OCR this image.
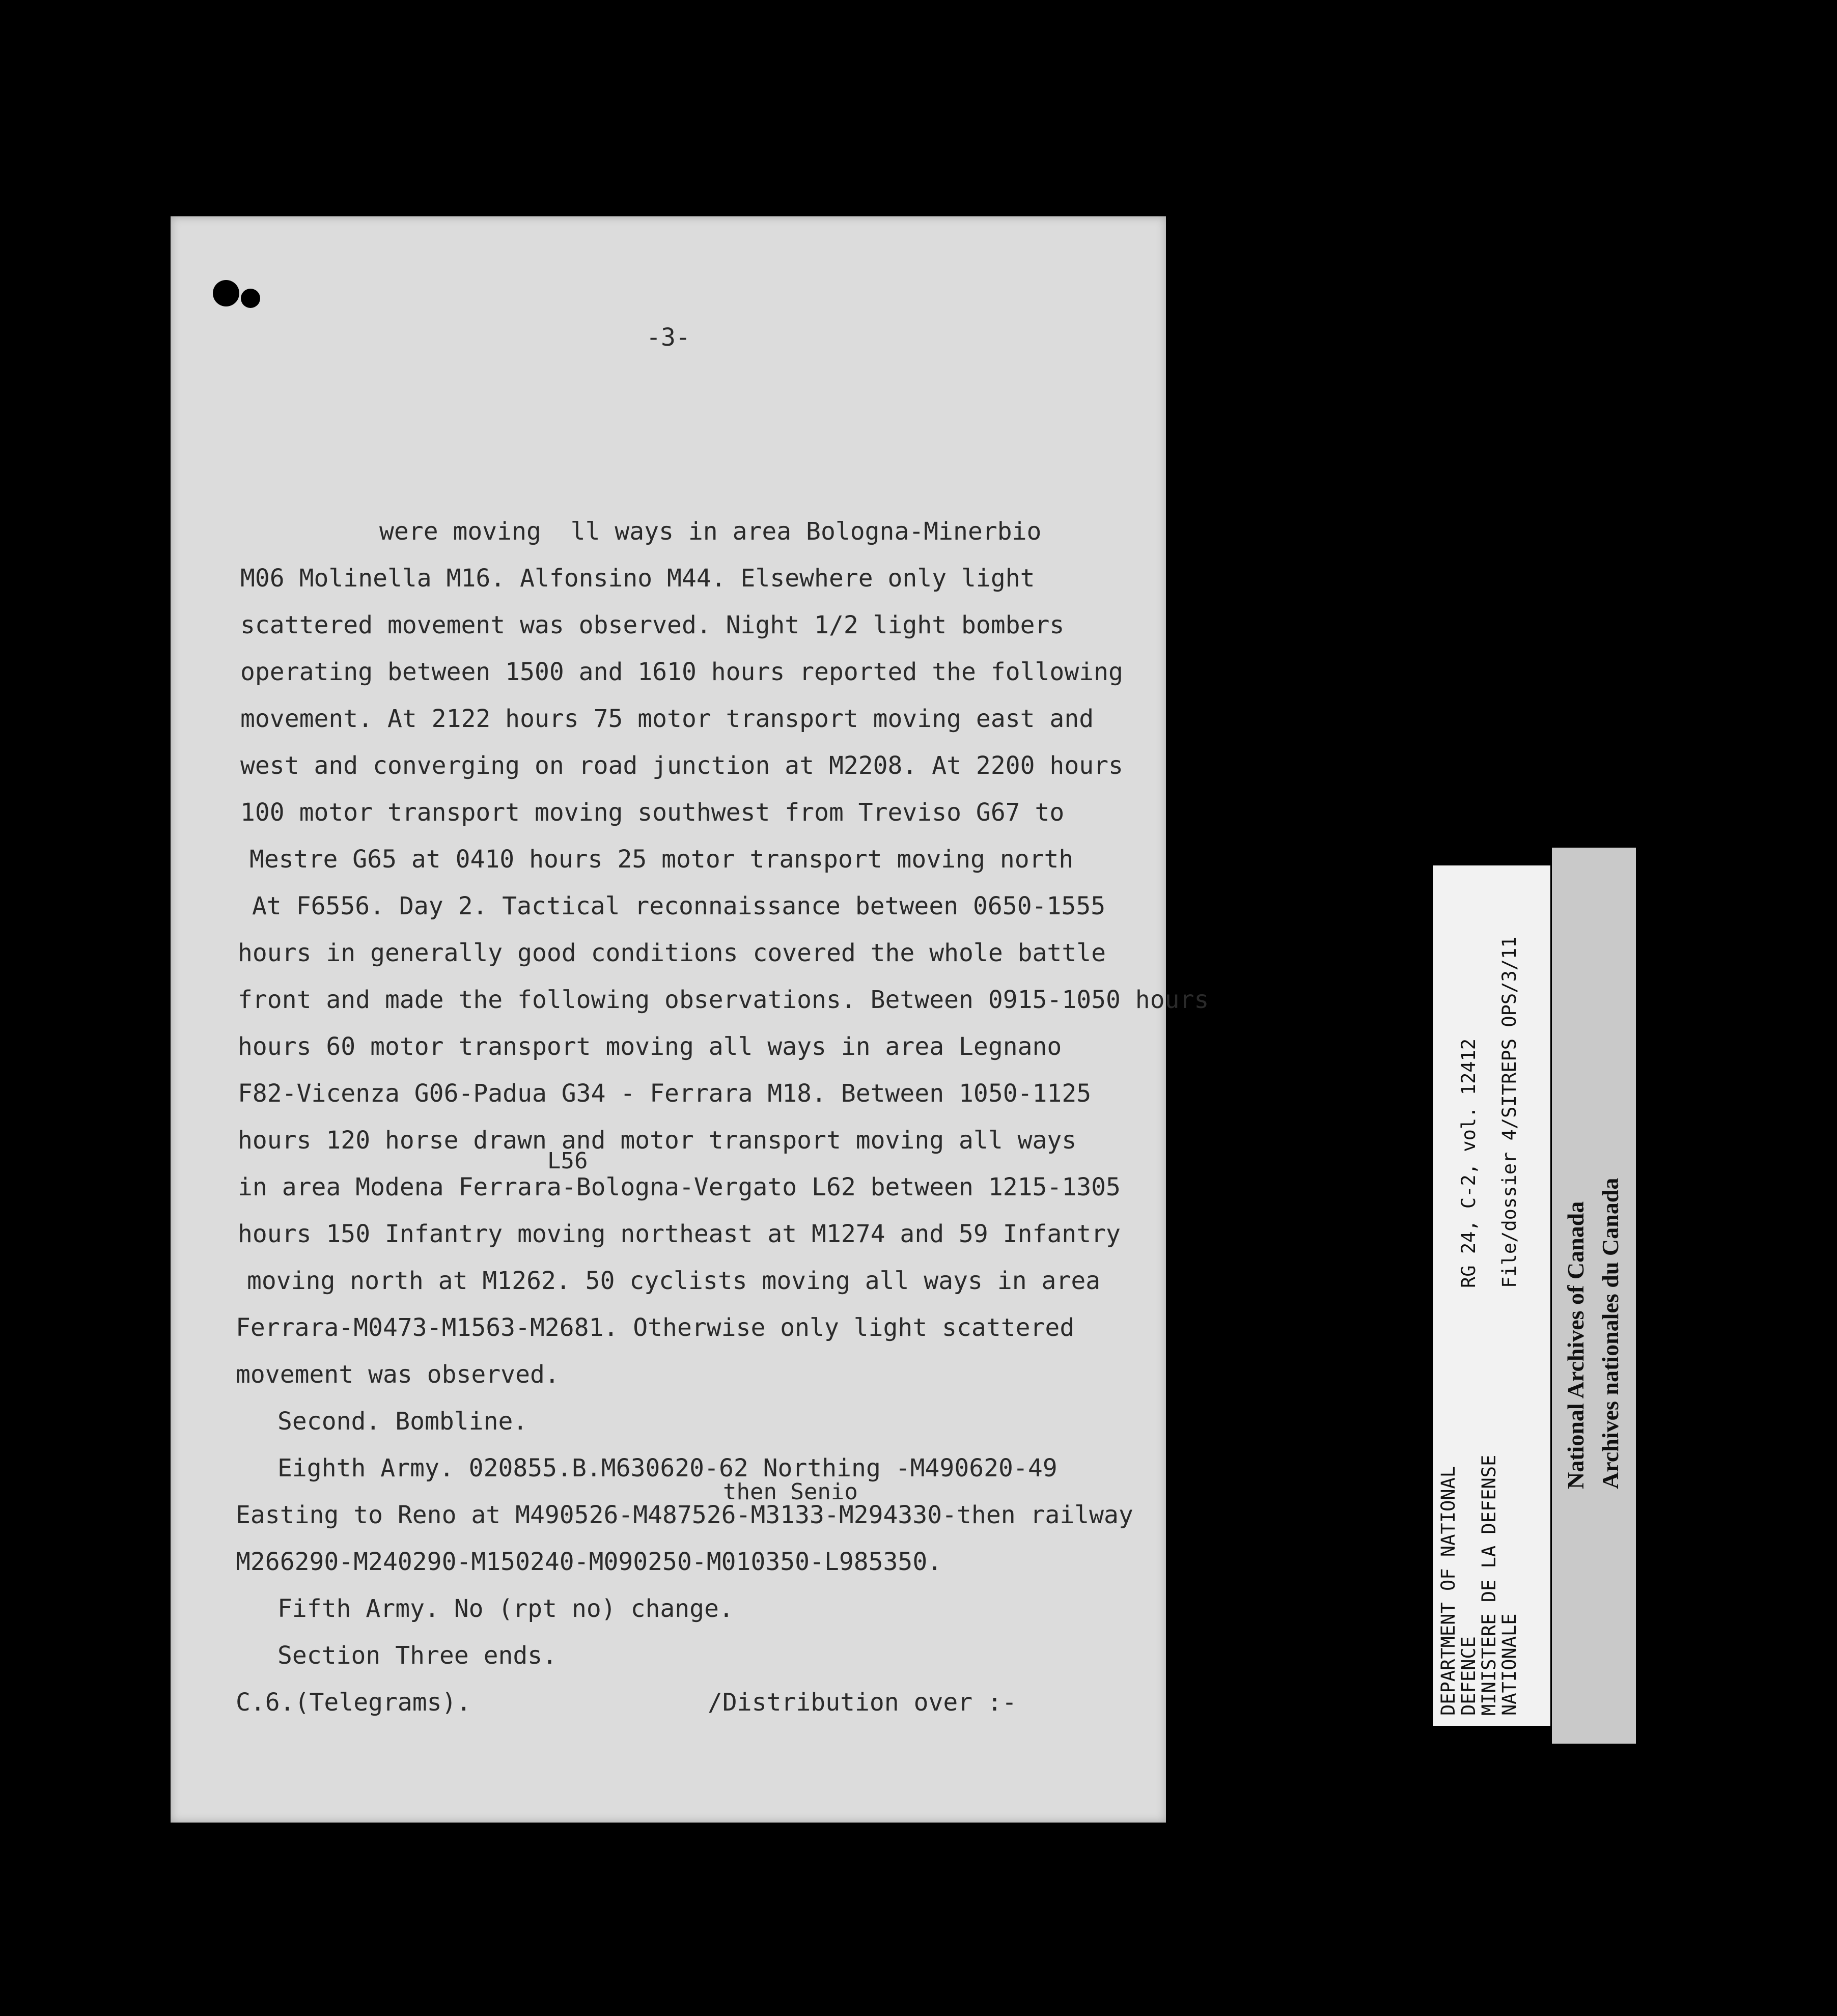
-3-

were moving  ll ways in area Bologna-Minerbio

M06 Molinella M16. Alfonsino M44. Elsewhere only light

scattered movement was observed. Night 1/2 light bombers

operating between 1500 and 1610 hours reported the following

movement. At 2122 hours 75 motor transport moving east and

west and converging on road junction at M2208. At 2200 hours

100 motor transport moving southwest from Treviso G67 to

Mestre G65 at 0410 hours 25 motor transport moving north

At F6556. Day 2. Tactical reconnaissance between 0650-1555

hours in generally good conditions covered the whole battle

front and made the following observations. Between 0915-1050 hours

hours 60 motor transport moving all ways in area Legnano

F82-Vicenza G06-Padua G34 - Ferrara M18. Between 1050-1125

hours 120 horse drawn and motor transport moving all ways

in area Modena Ferrara-Bologna-Vergato L62 between 1215-1305

hours 150 Infantry moving northeast at M1274 and 59 Infantry

moving north at M1262. 50 cyclists moving all ways in area

Ferrara-M0473-M1563-M2681. Otherwise only light scattered

movement was observed.

Second. Bombline.

Eighth Army. 020855.B.M630620-62 Northing -M490620-49

Easting to Reno at M490526-M487526-M3133-M294330-then railway

M266290-M240290-M150240-M090250-M010350-L985350.

Fifth Army. No (rpt no) change.

Section Three ends.

C.6.(Telegrams).

	/Distribution over :-

L56
then Senio	DEPARTMENT OF NATIONAL
DEFENCE
MINISTERE DE LA DEFENSE
NATIONALE
RG 24, C-2, vol. 12412 File/dossier 4/SITREPS OPS/3/11
National Archives of Canada Archives nationales du Canada
